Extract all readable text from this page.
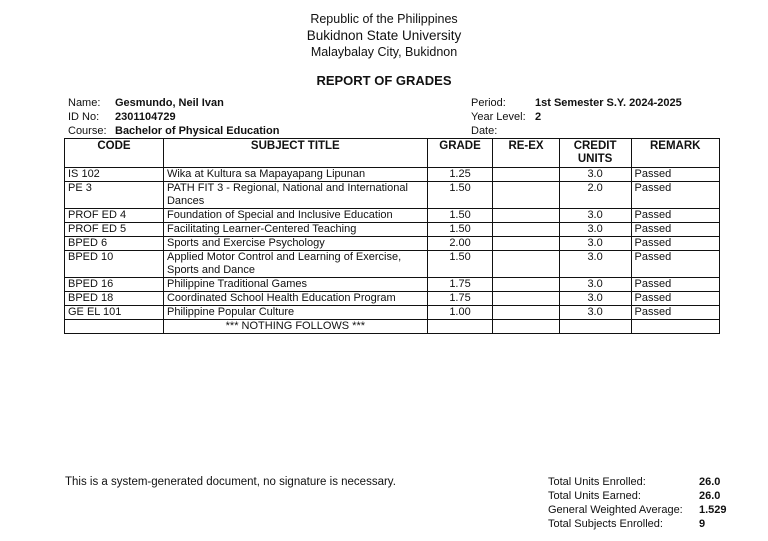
Republic of the Philippines
Bukidnon State University
Malaybalay City, Bukidnon
REPORT OF GRADES
Name: Gesmundo, Neil Ivan
ID No: 2301104729
Course: Bachelor of Physical Education
Period:	1st Semester S.Y. 2024-2025
Year Level: 2
Date:
CODE	SUBJECT TITLE	GRADE	RE-EX	CREDIT UNITS	REMARK
IS 102	Wika at Kultura sa Mapayapang Lipunan	1.25		3.0	Passed
PE 3	PATH FIT 3 - Regional, National and International Dances	1.50		2.0	Passed
PROF ED 4	Foundation of Special and Inclusive Education	1.50		3.0	Passed
PROF ED 5	Facilitating Learner-Centered Teaching	1.50		3.0	Passed
BPED 6	Sports and Exercise Psychology	2.00		3.0	Passed
BPED 10	Applied Motor Control and Learning of Exercise, Sports and Dance	1.50		3.0	Passed
BPED 16	Philippine Traditional Games	1.75		3.0	Passed
BPED 18	Coordinated School Health Education Program	1.75		3.0	Passed
GE EL 101	Philippine Popular Culture	1.00		3.0	Passed
	*** NOTHING FOLLOWS ***				
This is a system-generated document, no signature is necessary.	Total Units Enrolled:	26.0
Total Units Earned:	26.0
General Weighted Average: 1.529
Total Subjects Enrolled:	9
